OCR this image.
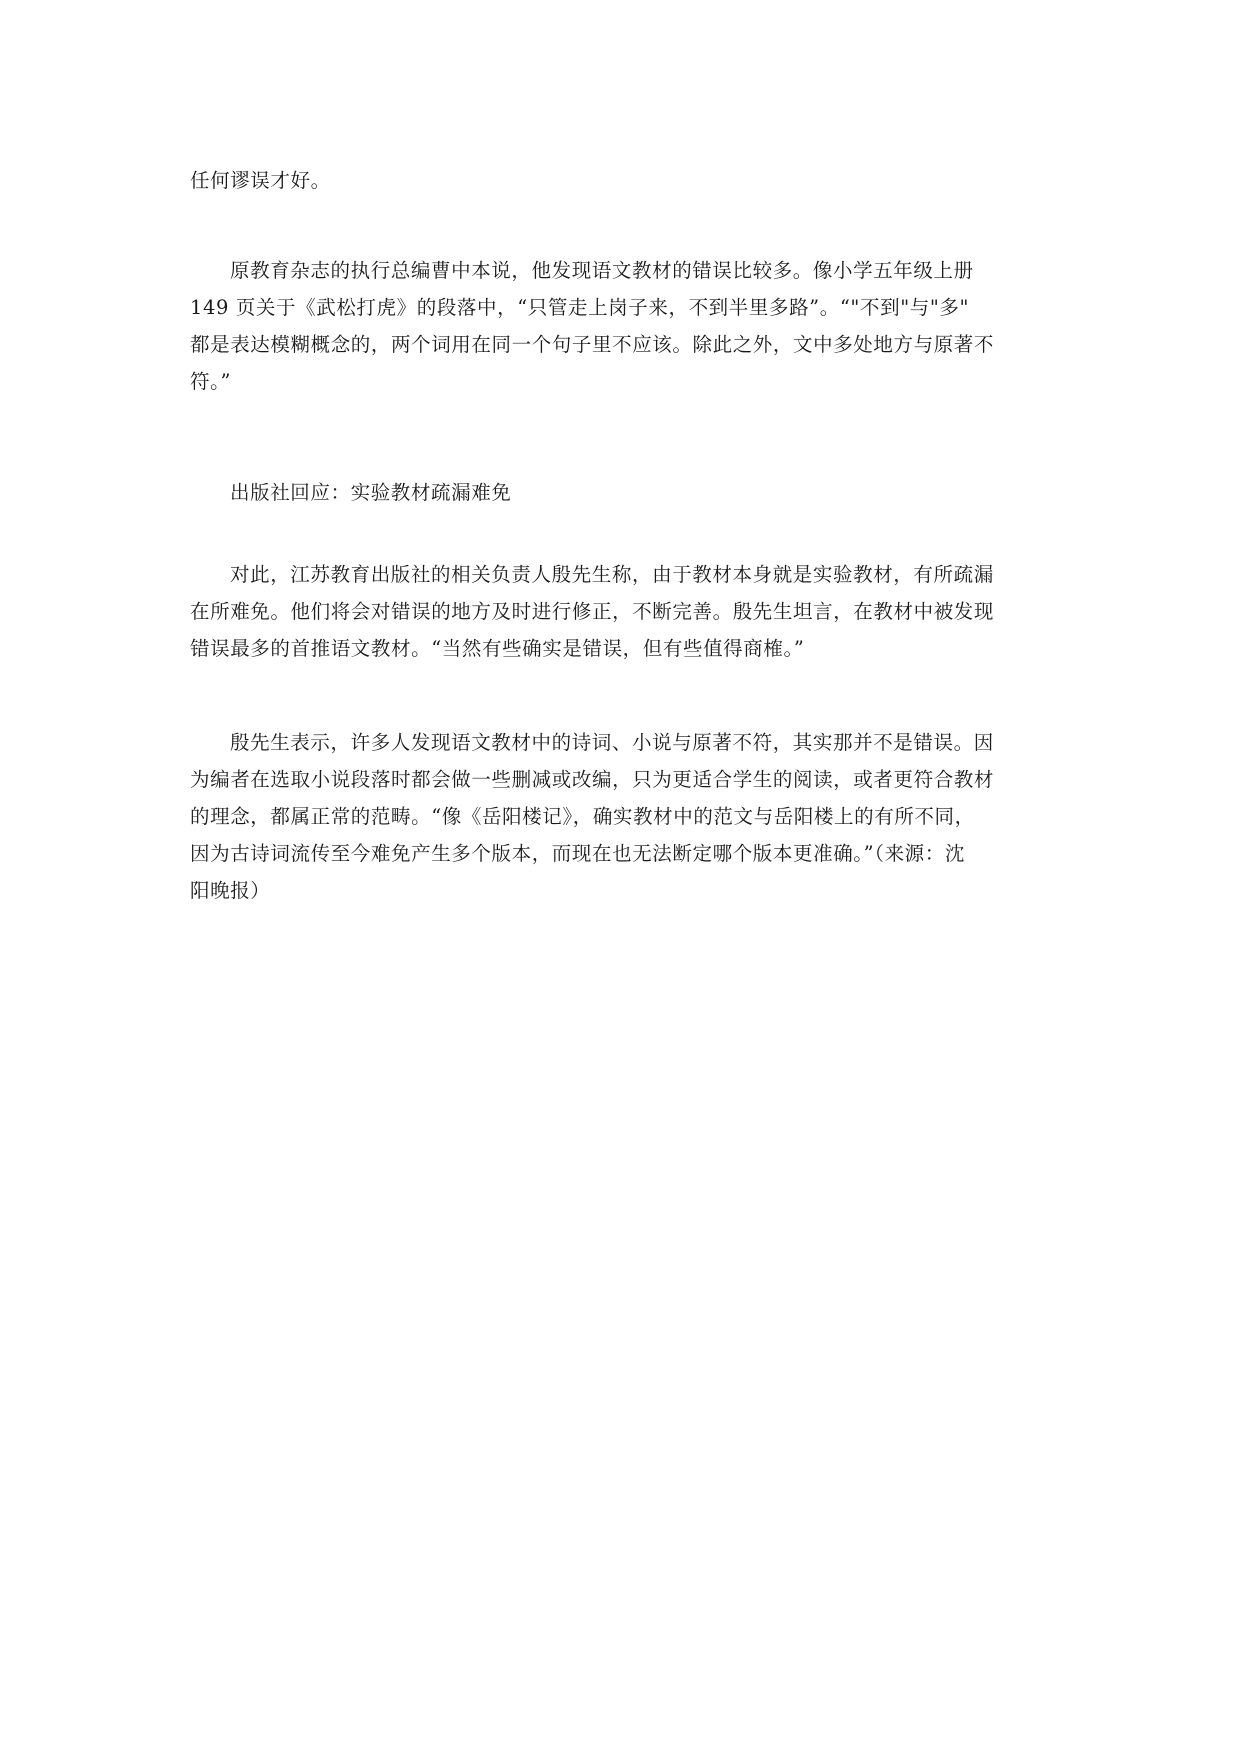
任何谬误才好。
原教育杂志的执行总编曹中本说，他发现语文教材的错误比较多。像小学五年级上册
149 页关于《武松打虎》的段落中，“只管走上岗子来，不到半里多路”。“"不到"与"多"
都是表达模糊概念的，两个词用在同一个句子里不应该。除此之外，文中多处地方与原著不
符。”
出版社回应：实验教材疏漏难免
对此，江苏教育出版社的相关负责人殷先生称，由于教材本身就是实验教材，有所疏漏
在所难免。他们将会对错误的地方及时进行修正，不断完善。殷先生坦言，在教材中被发现
错误最多的首推语文教材。“当然有些确实是错误，但有些值得商榷。”
殷先生表示，许多人发现语文教材中的诗词、小说与原著不符，其实那并不是错误。因
为编者在选取小说段落时都会做一些删减或改编，只为更适合学生的阅读，或者更符合教材
的理念，都属正常的范畴。“像《岳阳楼记》，确实教材中的范文与岳阳楼上的有所不同，
因为古诗词流传至今难免产生多个版本，而现在也无法断定哪个版本更准确。”（来源：沈
阳晚报）
